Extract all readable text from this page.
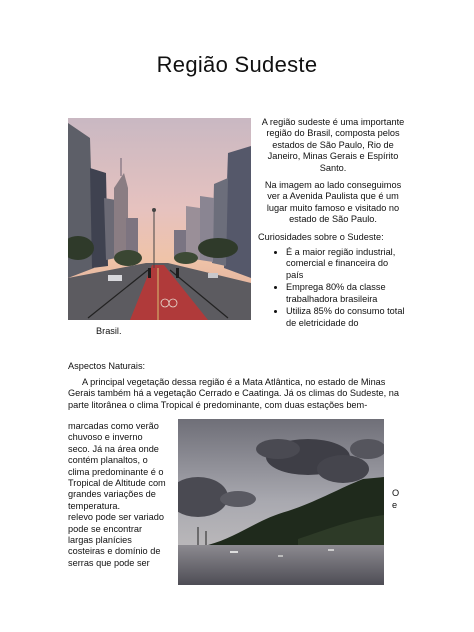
Região Sudeste

A região sudeste é uma importante região do Brasil, composta pelos estados de São Paulo, Rio de Janeiro, Minas Gerais e Espírito Santo.

Na imagem ao lado conseguimos ver a Avenida Paulista que é um lugar muito famoso e visitado no estado de São Paulo.

Curiosidades sobre o Sudeste:

• É a maior região industrial, comercial e financeira do país
• Emprega 80% da classe trabalhadora brasileira
• Utiliza 85% do consumo total de eletricidade do
Brasil.
Aspectos Naturais:
A principal vegetação dessa região é a Mata Atlântica, no estado de Minas Gerais também há a vegetação Cerrado e Caatinga. Já os climas do Sudeste, na parte litorânea o clima Tropical é predominante, com duas estações bem-
marcadas como verão
chuvoso e inverno
seco. Já na área onde
contém planaltos, o
clima predominante é o
Tropical de Altitude com
grandes variações de
temperatura.
relevo pode ser variado
pode se encontrar
largas planícies
costeiras e domínio de
serras que pode ser
O
e
